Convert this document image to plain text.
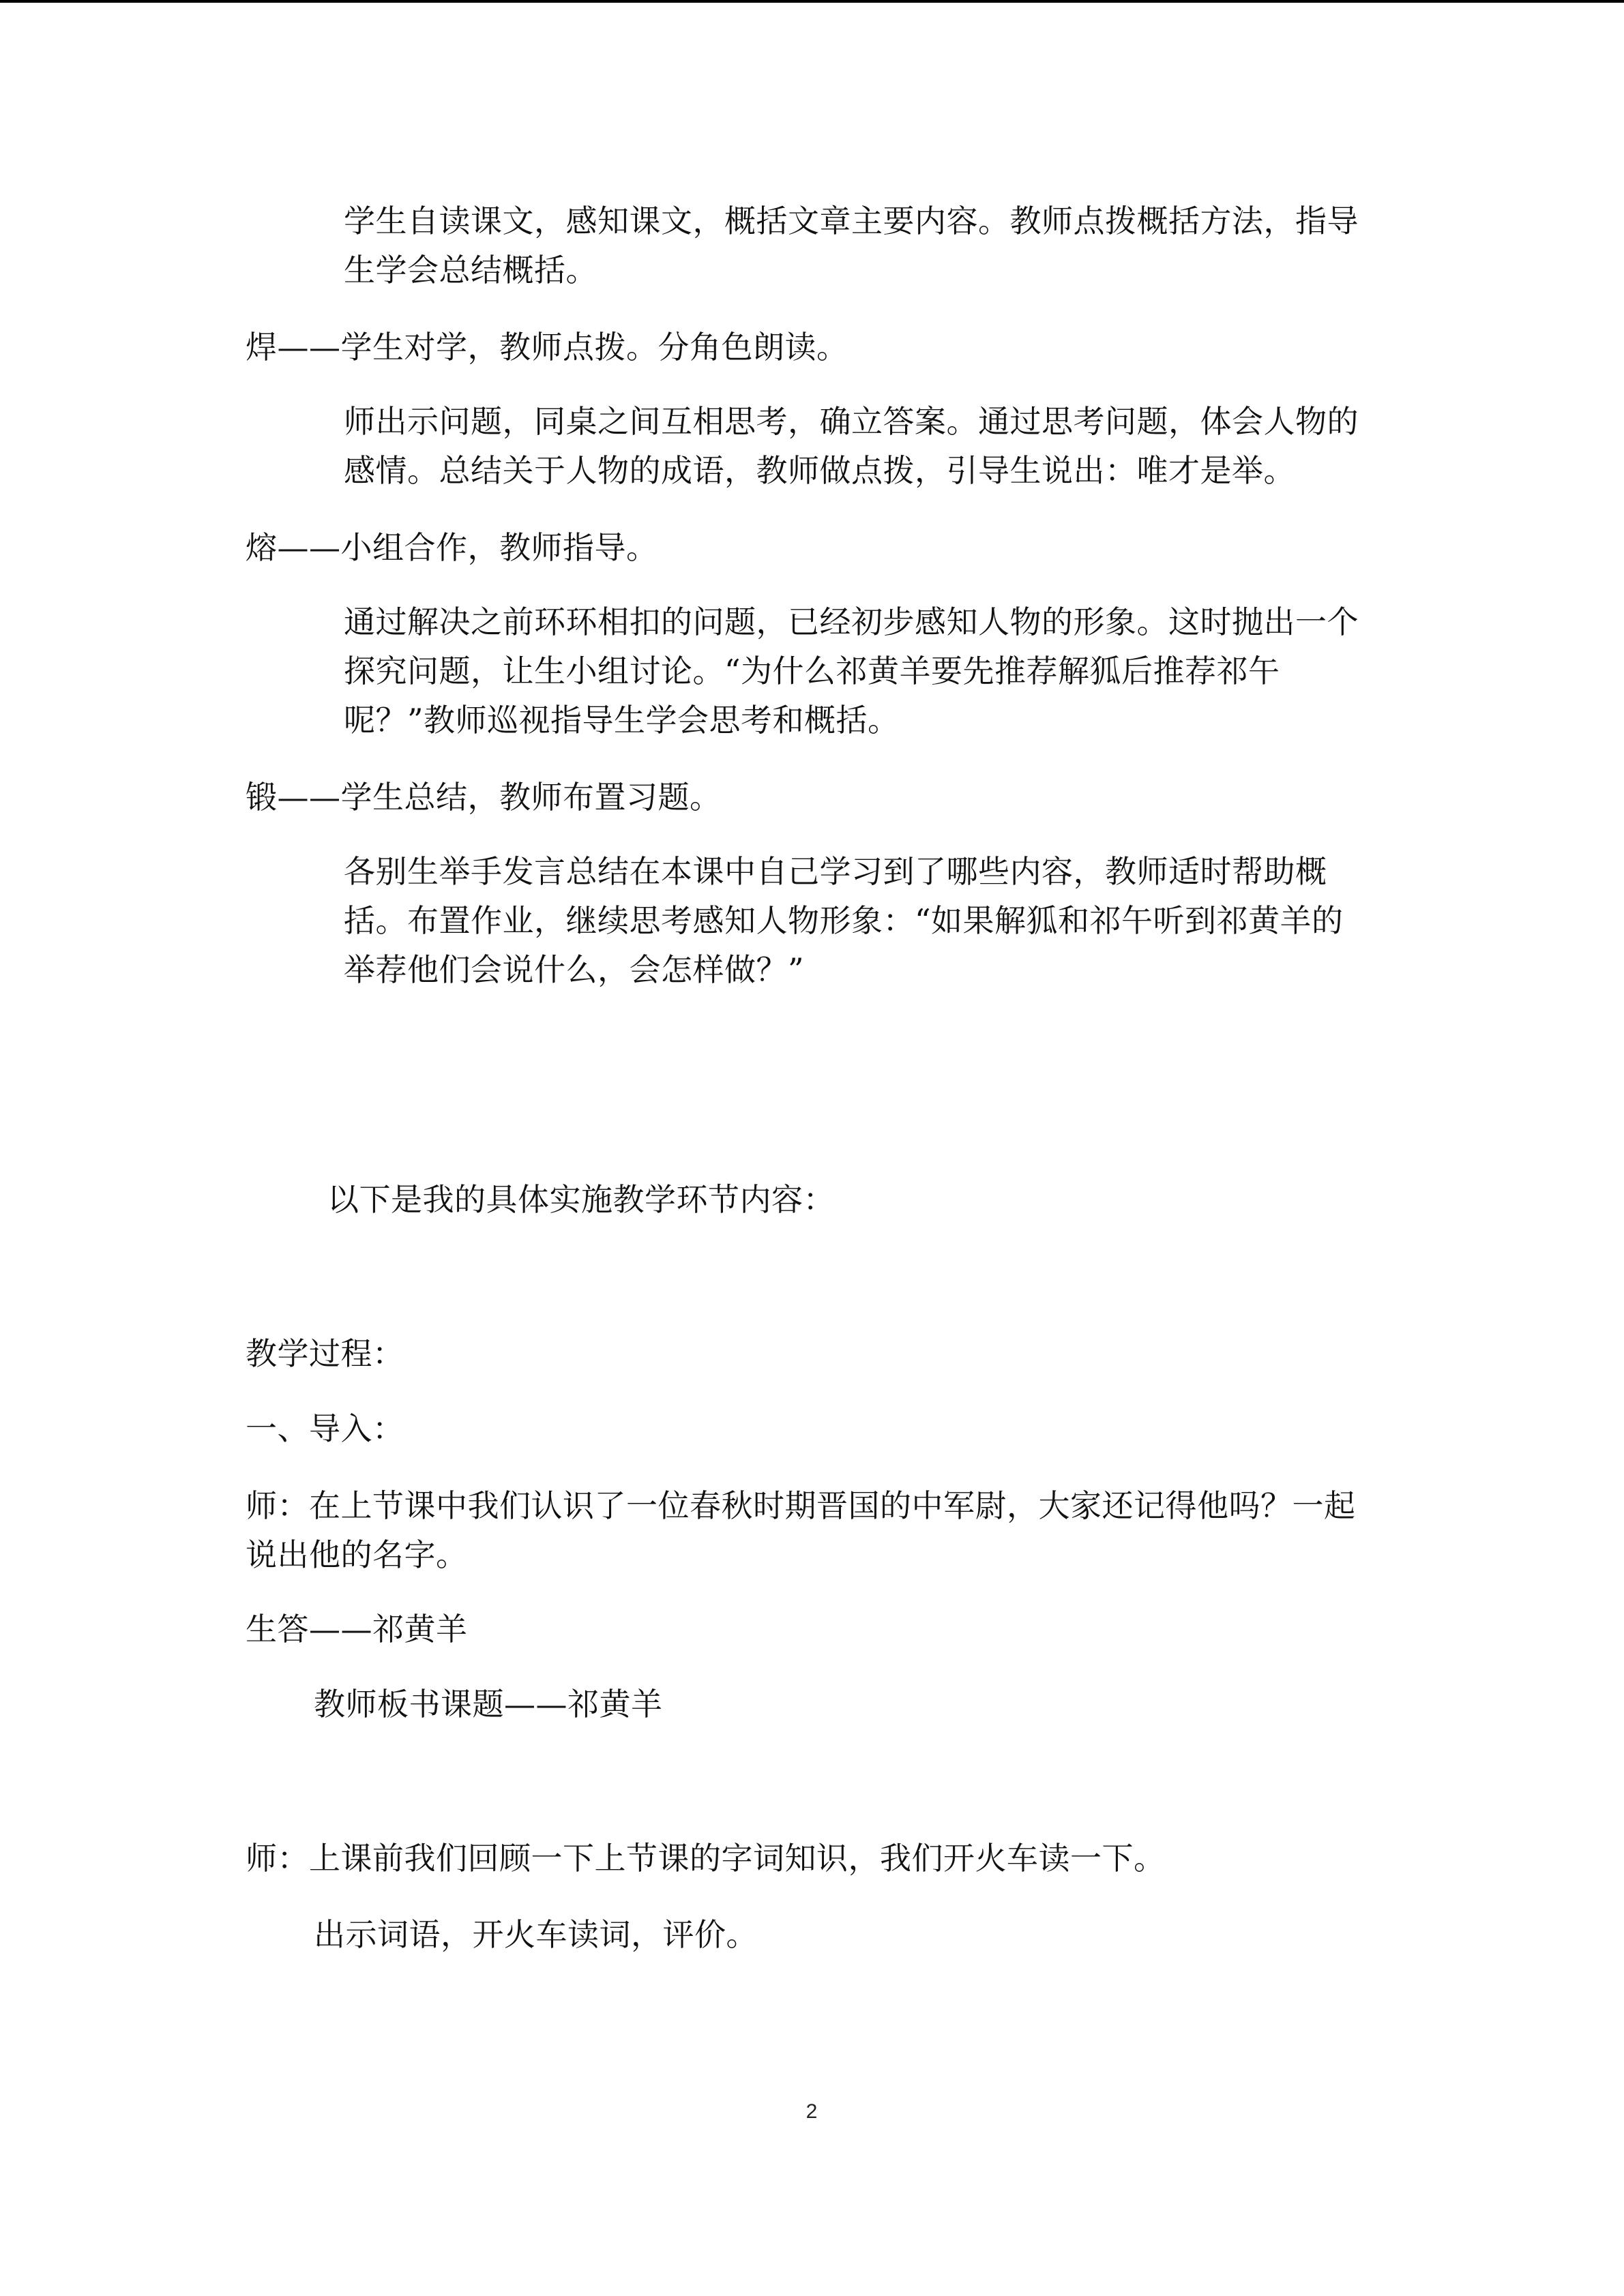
学生自读课文，感知课文，概括文章主要内容。教师点拨概括方法，指导生学会总结概括。
焊——学生对学，教师点拨。分角色朗读。
师出示问题，同桌之间互相思考，确立答案。通过思考问题，体会人物的感情。总结关于人物的成语，教师做点拨，引导生说出：唯才是举。
熔——小组合作，教师指导。
通过解决之前环环相扣的问题，已经初步感知人物的形象。这时抛出一个探究问题，让生小组讨论。“为什么祁黄羊要先推荐解狐后推荐祁午呢？”教师巡视指导生学会思考和概括。
锻——学生总结，教师布置习题。
各别生举手发言总结在本课中自己学习到了哪些内容，教师适时帮助概括。布置作业，继续思考感知人物形象：“如果解狐和祁午听到祁黄羊的举荐他们会说什么，会怎样做？”
以下是我的具体实施教学环节内容：
教学过程：
一、导入：
师：在上节课中我们认识了一位春秋时期晋国的中军尉，大家还记得他吗？一起说出他的名字。
生答——祁黄羊
教师板书课题——祁黄羊
师：上课前我们回顾一下上节课的字词知识，我们开火车读一下。
出示词语，开火车读词，评价。
2
